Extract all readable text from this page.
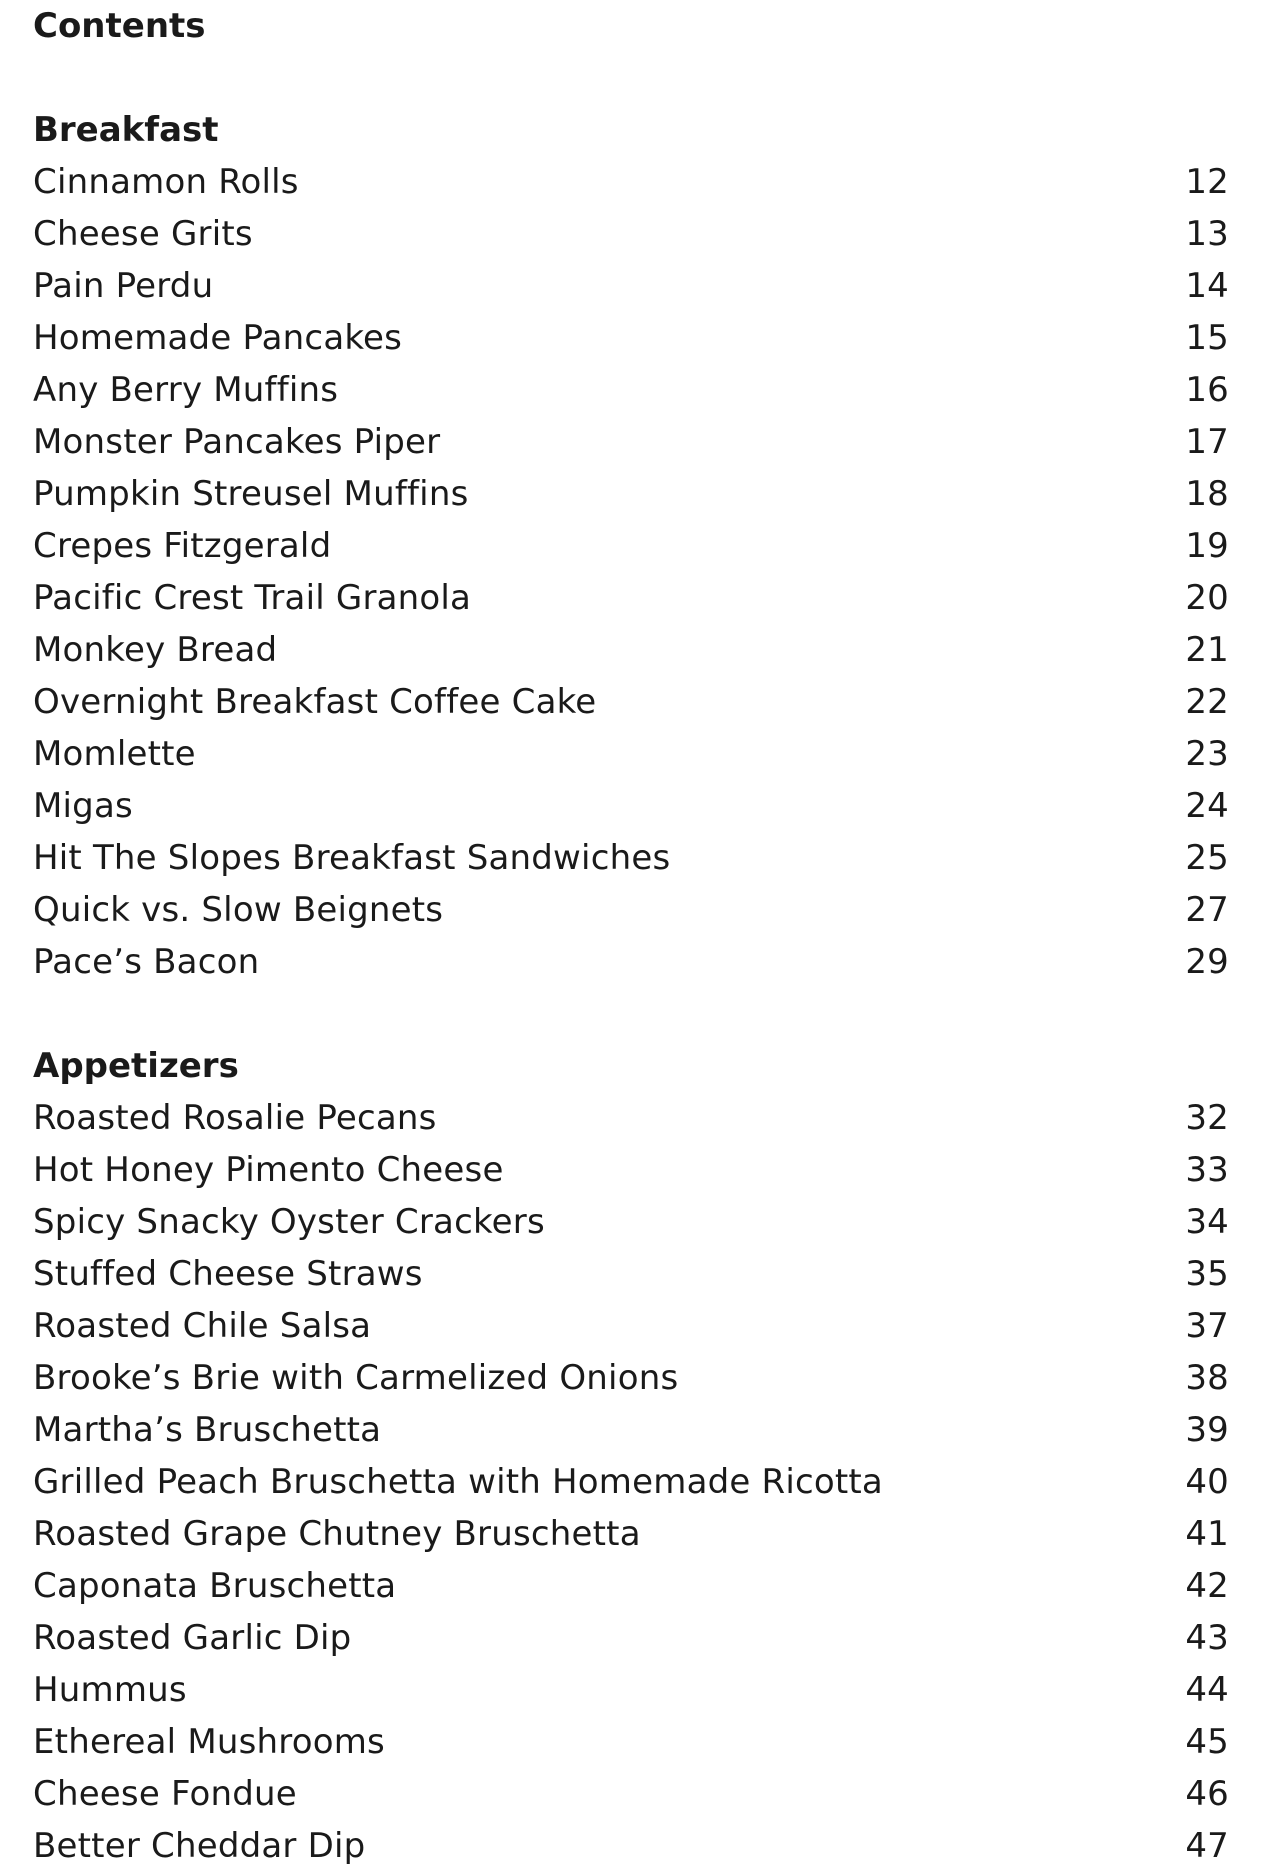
Contents
Breakfast
Cinnamon Rolls	12
Cheese Grits	13
Pain Perdu	14
Homemade Pancakes	15
Any Berry Muffins	16
Monster Pancakes Piper	17
Pumpkin Streusel Muffins	18
Crepes Fitzgerald	19
Pacific Crest Trail Granola	20
Monkey Bread	21
Overnight Breakfast Coffee Cake	22
Momlette	23
Migas	24
Hit The Slopes Breakfast Sandwiches	25
Quick vs. Slow Beignets	27
Pace’s Bacon	29
Appetizers
Roasted Rosalie Pecans	32
Hot Honey Pimento Cheese	33
Spicy Snacky Oyster Crackers	34
Stuffed Cheese Straws	35
Roasted Chile Salsa	37
Brooke’s Brie with Carmelized Onions	38
Martha’s Bruschetta	39
Grilled Peach Bruschetta with Homemade Ricotta	40
Roasted Grape Chutney Bruschetta	41
Caponata Bruschetta	42
Roasted Garlic Dip	43
Hummus	44
Ethereal Mushrooms	45
Cheese Fondue	46
Better Cheddar Dip	47
